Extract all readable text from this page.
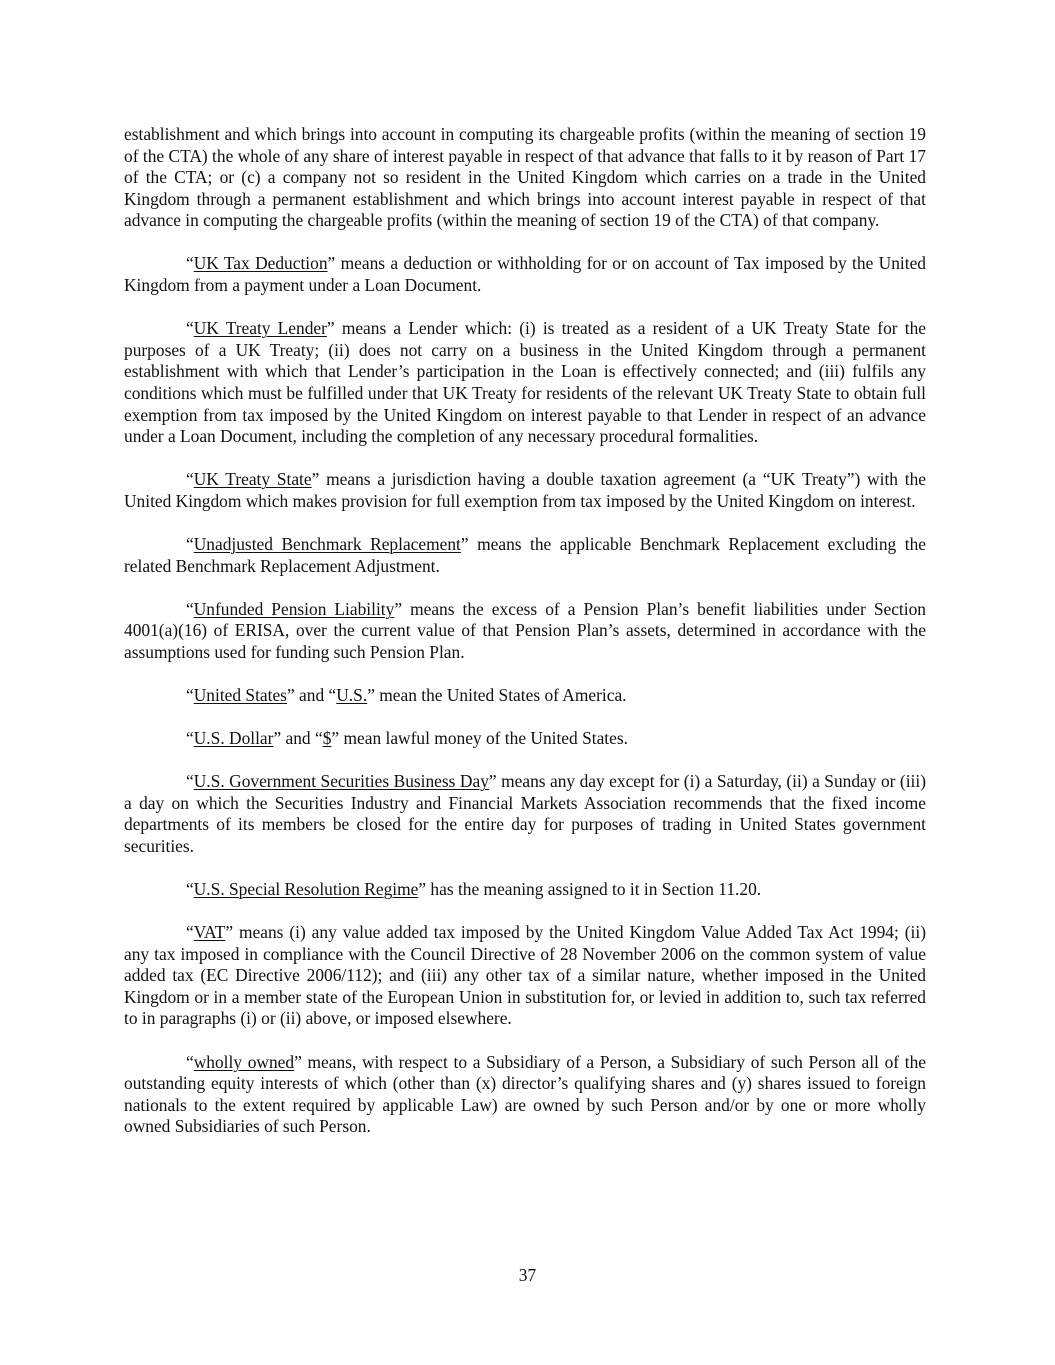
establishment and which brings into account in computing its chargeable profits (within the meaning of section 19 of the CTA) the whole of any share of interest payable in respect of that advance that falls to it by reason of Part 17 of the CTA; or (c) a company not so resident in the United Kingdom which carries on a trade in the United Kingdom through a permanent establishment and which brings into account interest payable in respect of that advance in computing the chargeable profits (within the meaning of section 19 of the CTA) of that company.

“UK Tax Deduction” means a deduction or withholding for or on account of Tax imposed by the United Kingdom from a payment under a Loan Document.

“UK Treaty Lender” means a Lender which: (i) is treated as a resident of a UK Treaty State for the purposes of a UK Treaty; (ii) does not carry on a business in the United Kingdom through a permanent establishment with which that Lender’s participation in the Loan is effectively connected; and (iii) fulfils any conditions which must be fulfilled under that UK Treaty for residents of the relevant UK Treaty State to obtain full exemption from tax imposed by the United Kingdom on interest payable to that Lender in respect of an advance under a Loan Document, including the completion of any necessary procedural formalities.

“UK Treaty State” means a jurisdiction having a double taxation agreement (a “UK Treaty”) with the United Kingdom which makes provision for full exemption from tax imposed by the United Kingdom on interest.

“Unadjusted Benchmark Replacement” means the applicable Benchmark Replacement excluding the related Benchmark Replacement Adjustment.

“Unfunded Pension Liability” means the excess of a Pension Plan’s benefit liabilities under Section 4001(a)(16) of ERISA, over the current value of that Pension Plan’s assets, determined in accordance with the assumptions used for funding such Pension Plan.

“United States” and “U.S.” mean the United States of America.

“U.S. Dollar” and “$” mean lawful money of the United States.

“U.S. Government Securities Business Day” means any day except for (i) a Saturday, (ii) a Sunday or (iii) a day on which the Securities Industry and Financial Markets Association recommends that the fixed income departments of its members be closed for the entire day for purposes of trading in United States government securities.

“U.S. Special Resolution Regime” has the meaning assigned to it in Section 11.20.

“VAT” means (i) any value added tax imposed by the United Kingdom Value Added Tax Act 1994; (ii) any tax imposed in compliance with the Council Directive of 28 November 2006 on the common system of value added tax (EC Directive 2006/112); and (iii) any other tax of a similar nature, whether imposed in the United Kingdom or in a member state of the European Union in substitution for, or levied in addition to, such tax referred to in paragraphs (i) or (ii) above, or imposed elsewhere.

“wholly owned” means, with respect to a Subsidiary of a Person, a Subsidiary of such Person all of the outstanding equity interests of which (other than (x) director’s qualifying shares and (y) shares issued to foreign nationals to the extent required by applicable Law) are owned by such Person and/or by one or more wholly owned Subsidiaries of such Person.

37
